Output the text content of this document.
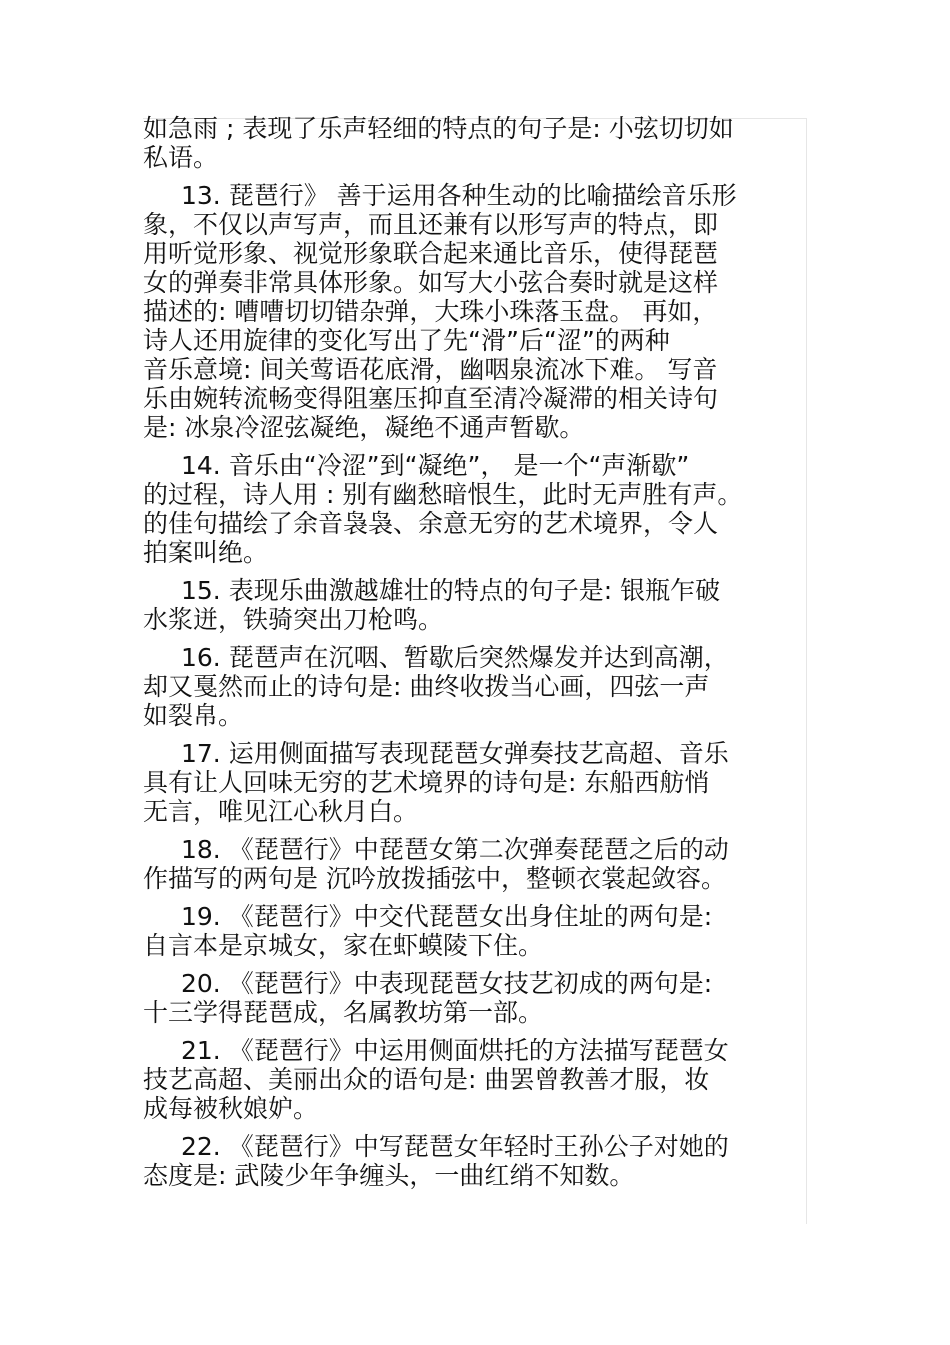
如急雨 ; 表现了乐声轻细的特点的句子是: 小弦切切如
私语。
13. 琵琶行》 善于运用各种生动的比喻描绘音乐形
象，不仅以声写声，而且还兼有以形写声的特点，即
用听觉形象、视觉形象联合起来通比音乐，使得琵琶
女的弹奏非常具体形象。如写大小弦合奏时就是这样
描述的: 嘈嘈切切错杂弹，大珠小珠落玉盘。 再如，
诗人还用旋律的变化写出了先“滑”后“涩”的两种
音乐意境: 间关莺语花底滑，幽咽泉流冰下难。 写音
乐由婉转流畅变得阻塞压抑直至清冷凝滞的相关诗句
是: 冰泉冷涩弦凝绝，凝绝不通声暂歇。
14. 音乐由“冷涩”到“凝绝”， 是一个“声渐歇”
的过程，诗人用 : 别有幽愁暗恨生，此时无声胜有声。
的佳句描绘了余音袅袅、余意无穷的艺术境界，令人
拍案叫绝。
15. 表现乐曲激越雄壮的特点的句子是: 银瓶乍破
水浆迸，铁骑突出刀枪鸣。
16. 琵琶声在沉咽、暂歇后突然爆发并达到高潮，
却又戛然而止的诗句是: 曲终收拨当心画，四弦一声
如裂帛。
17. 运用侧面描写表现琵琶女弹奏技艺高超、音乐
具有让人回味无穷的艺术境界的诗句是: 东船西舫悄
无言，唯见江心秋月白。
18. 《琵琶行》中琵琶女第二次弹奏琵琶之后的动
作描写的两句是 沉吟放拨插弦中，整顿衣裳起敛容。
19. 《琵琶行》中交代琵琶女出身住址的两句是:
自言本是京城女，家在虾蟆陵下住。
20. 《琵琶行》中表现琵琶女技艺初成的两句是:
十三学得琵琶成，名属教坊第一部。
21. 《琵琶行》中运用侧面烘托的方法描写琵琶女
技艺高超、美丽出众的语句是: 曲罢曾教善才服，妆
成每被秋娘妒。
22. 《琵琶行》中写琵琶女年轻时王孙公子对她的
态度是: 武陵少年争缠头，一曲红绡不知数。
